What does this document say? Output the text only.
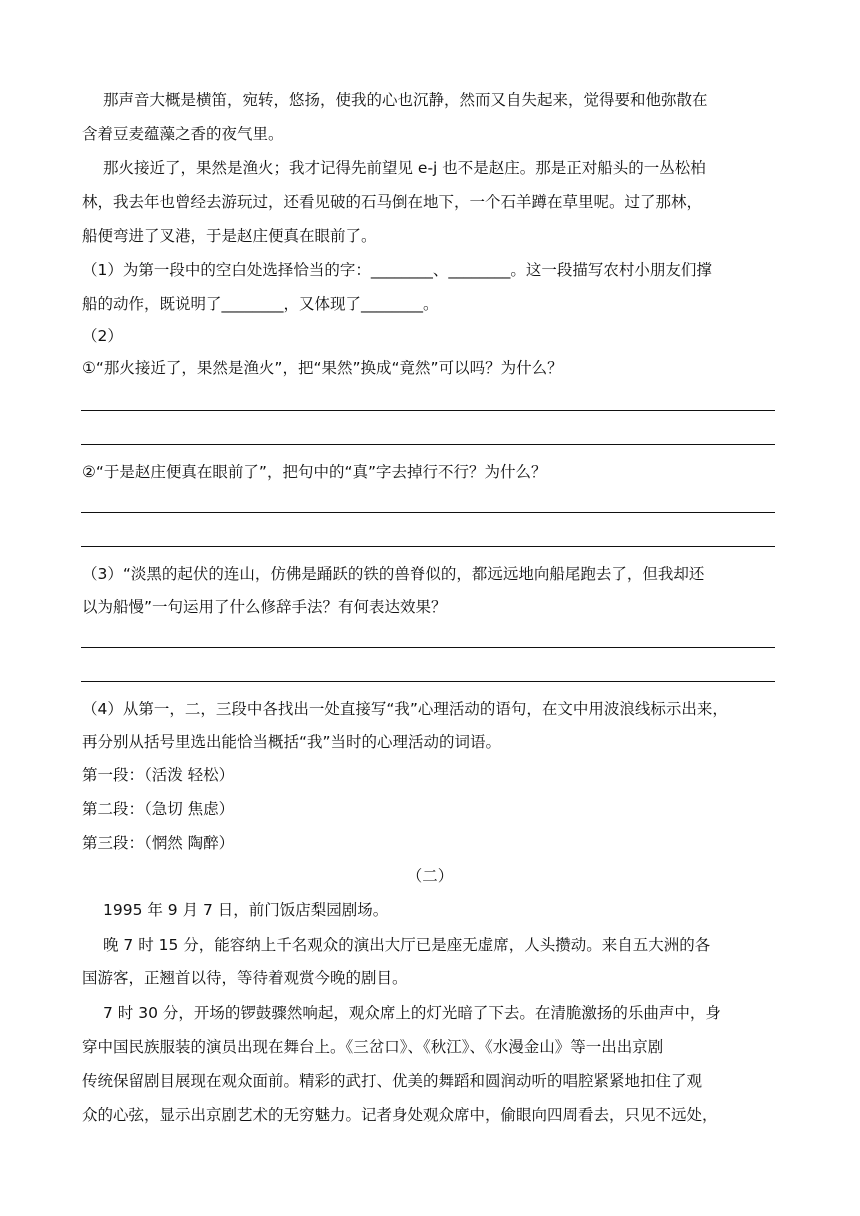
那声音大概是横笛，宛转，悠扬，使我的心也沉静，然而又自失起来，觉得要和他弥散在
含着豆麦蕴藻之香的夜气里。
那火接近了，果然是渔火；我才记得先前望见 e-j 也不是赵庄。那是正对船头的一丛松柏
林，我去年也曾经去游玩过，还看见破的石马倒在地下，一个石羊蹲在草里呢。过了那林，
船便弯进了叉港，于是赵庄便真在眼前了。
（1）为第一段中的空白处选择恰当的字：________、________。这一段描写农村小朋友们撑
船的动作，既说明了________，又体现了________。
（2）
①“那火接近了，果然是渔火”，把“果然”换成“竟然”可以吗？为什么？
②“于是赵庄便真在眼前了”，把句中的“真”字去掉行不行？为什么？
（3）“淡黑的起伏的连山，仿佛是踊跃的铁的兽脊似的，都远远地向船尾跑去了，但我却还
以为船慢”一句运用了什么修辞手法？有何表达效果？
（4）从第一，二，三段中各找出一处直接写“我”心理活动的语句，在文中用波浪线标示出来，
再分别从括号里选出能恰当概括“我”当时的心理活动的词语。
第一段：（活泼 轻松）
第二段：（急切 焦虑）
第三段：（惘然 陶醉）
（二）
1995 年 9 月 7 日，前门饭店梨园剧场。
晚 7 时 15 分，能容纳上千名观众的演出大厅已是座无虚席，人头攒动。来自五大洲的各
国游客，正翘首以待，等待着观赏今晚的剧目。
7 时 30 分，开场的锣鼓骤然响起，观众席上的灯光暗了下去。在清脆激扬的乐曲声中，身
穿中国民族服装的演员出现在舞台上。《三岔口》、《秋江》、《水漫金山》等一出出京剧
传统保留剧目展现在观众面前。精彩的武打、优美的舞蹈和圆润动听的唱腔紧紧地扣住了观
众的心弦，显示出京剧艺术的无穷魅力。记者身处观众席中，偷眼向四周看去，只见不远处，
